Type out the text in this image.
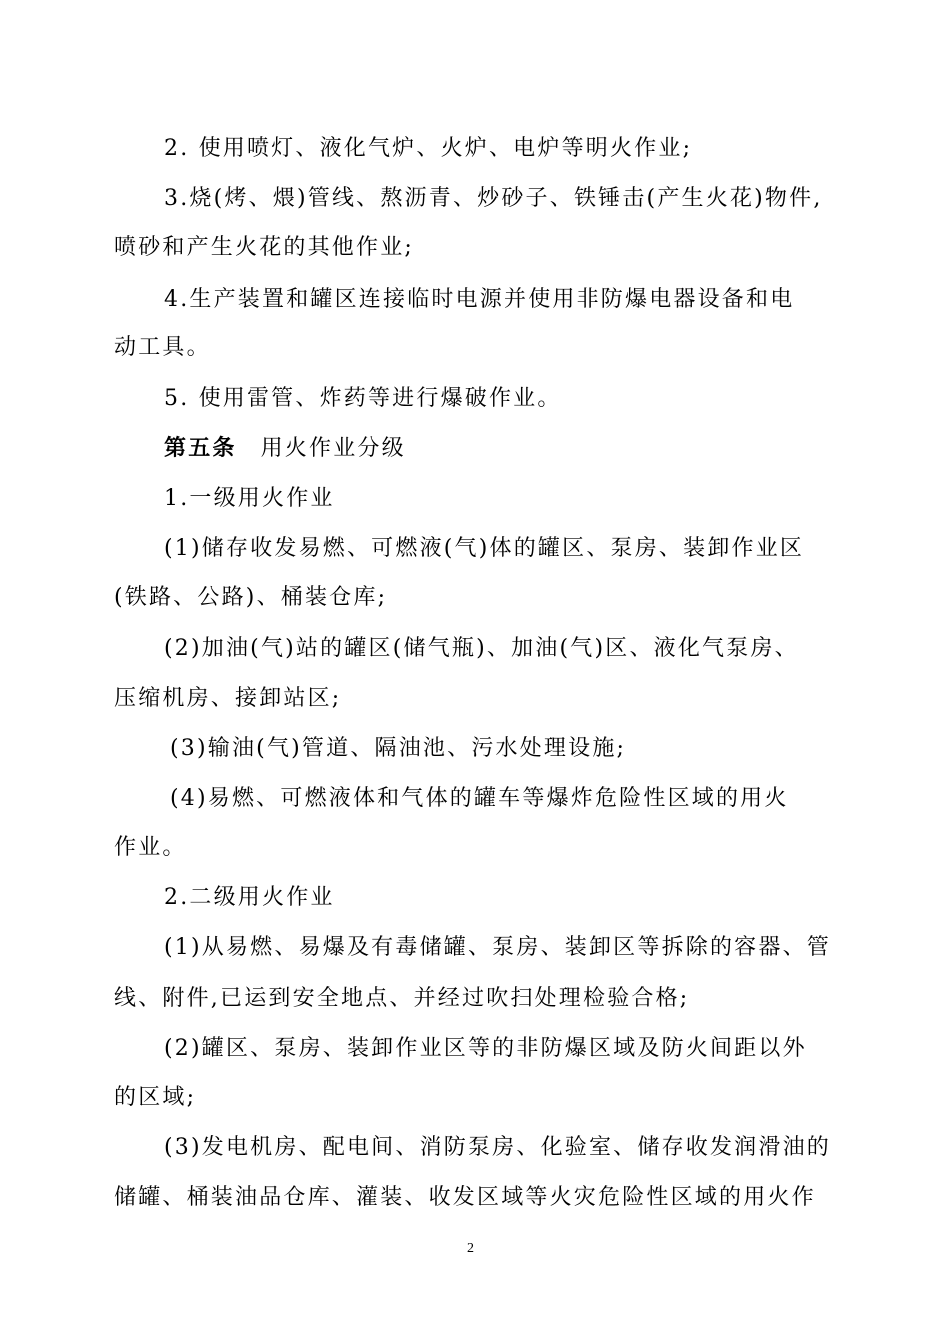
2. 使用喷灯、液化气炉、火炉、电炉等明火作业;
3.烧(烤、煨)管线、熬沥青、炒砂子、铁锤击(产生火花)物件,
喷砂和产生火花的其他作业;
4.生产装置和罐区连接临时电源并使用非防爆电器设备和电
动工具。
5. 使用雷管、炸药等进行爆破作业。
第五条 用火作业分级
1.一级用火作业
(1)储存收发易燃、可燃液(气)体的罐区、泵房、装卸作业区
(铁路、公路)、桶装仓库;
(2)加油(气)站的罐区(储气瓶)、加油(气)区、液化气泵房、
压缩机房、接卸站区;
(3)输油(气)管道、隔油池、污水处理设施;
(4)易燃、可燃液体和气体的罐车等爆炸危险性区域的用火
作业。
2.二级用火作业
(1)从易燃、易爆及有毒储罐、泵房、装卸区等拆除的容器、管
线、附件,已运到安全地点、并经过吹扫处理检验合格;
(2)罐区、泵房、装卸作业区等的非防爆区域及防火间距以外
的区域;
(3)发电机房、配电间、消防泵房、化验室、储存收发润滑油的
储罐、桶装油品仓库、灌装、收发区域等火灾危险性区域的用火作
2
